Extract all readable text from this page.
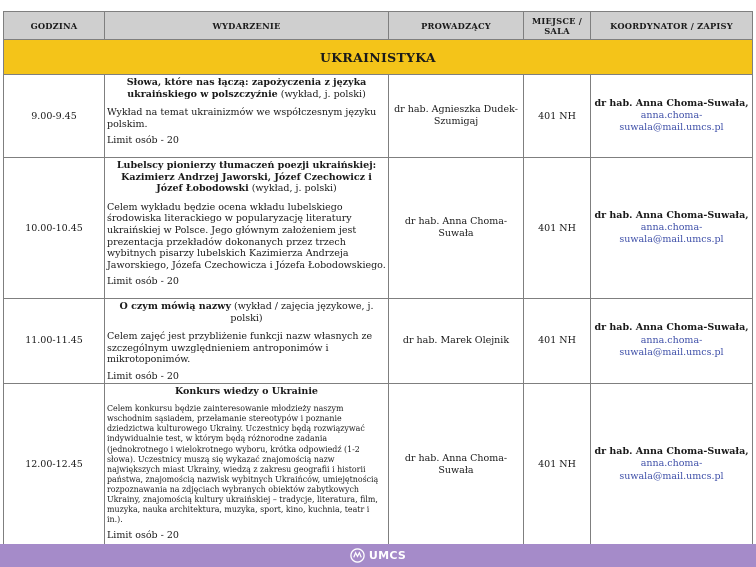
GODZINA	WYDARZENIE	PROWADZĄCY	MIEJSCE / SALA	KOORDYNATOR / ZAPISY
UKRAINISTYKA				
9.00-9.45	Słowa, które nas łączą: zapożyczenia z języka ukraińskiego w polszczyźnie (wykład, j. polski)
Wykład na temat ukrainizmów we współczesnym języku polskim.
Limit osób - 20	dr hab. Agnieszka Dudek-Szumigaj	401 NH	dr hab. Anna Choma-Suwała,
anna.choma-suwala@mail.umcs.pl

10.00-10.45	Lubelscy pionierzy tłumaczeń poezji ukraińskiej: Kazimierz Andrzej Jaworski, Józef Czechowicz i Józef Łobodowski (wykład, j. polski)
Celem wykładu będzie ocena wkładu lubelskiego środowiska literackiego w popularyzację literatury ukraińskiej w Polsce. Jego głównym założeniem jest prezentacja przekładów dokonanych przez trzech wybitnych pisarzy lubelskich Kazimierza Andrzeja Jaworskiego, Józefa Czechowicza i Józefa Łobodowskiego.
Limit osób - 20	dr hab. Anna Choma-Suwała	401 NH	dr hab. Anna Choma-Suwała,
anna.choma-suwala@mail.umcs.pl

11.00-11.45	O czym mówią nazwy (wykład / zajęcia językowe, j. polski)
Celem zajęć jest przybliżenie funkcji nazw własnych ze szczególnym uwzględnieniem antroponimów i mikrotoponimów.
Limit osób - 20	dr hab. Marek Olejnik	401 NH	dr hab. Anna Choma-Suwała,
anna.choma-suwala@mail.umcs.pl

12.00-12.45	Konkurs wiedzy o Ukrainie
Celem konkursu będzie zainteresowanie młodzieży naszym wschodnim sąsiadem, przełamanie stereotypów i poznanie dziedzictwa kulturowego Ukrainy. Uczestnicy będą rozwiązywać indywidualnie test, w którym będą różnorodne zadania (jednokrotnego i wielokrotnego wyboru, krótka odpowiedź (1-2 słowa). Uczestnicy muszą się wykazać znajomością nazw największych miast Ukrainy, wiedzą z zakresu geografii i historii państwa, znajomością nazwisk wybitnych Ukraińców, umiejętnością rozpoznawania na zdjęciach wybranych obiektów zabytkowych Ukrainy, znajomością kultury ukraińskiej – tradycje, literatura, film, muzyka, nauka architektura, muzyka, sport, kino, kuchnia, teatr i in.).
Limit osób - 20	dr hab. Anna Choma-Suwała	401 NH	dr hab. Anna Choma-Suwała,
anna.choma-suwala@mail.umcs.pl
UMCS
